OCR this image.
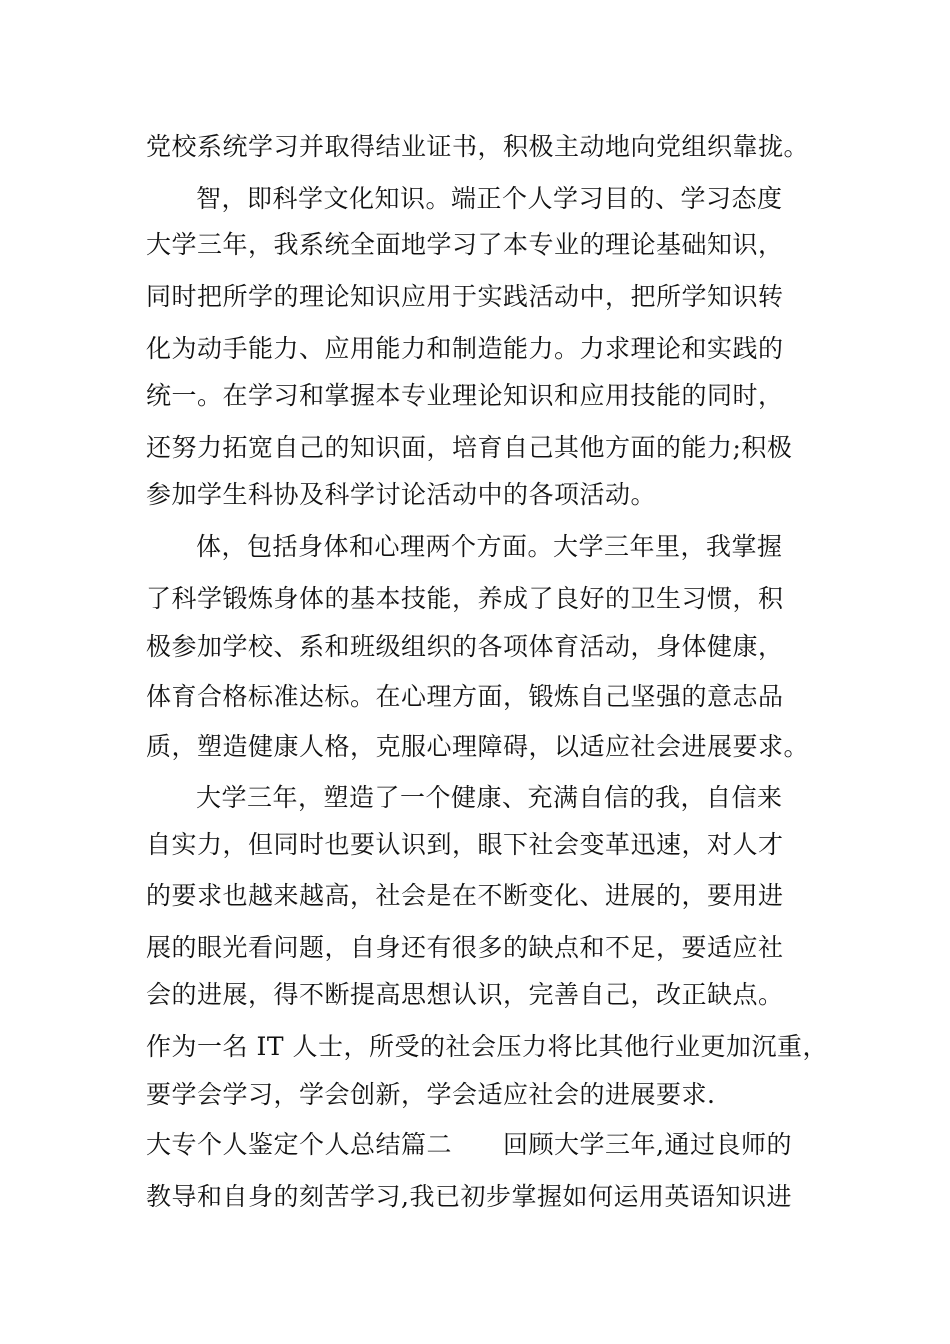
党校系统学习并取得结业证书，积极主动地向党组织靠拢。

智，即科学文化知识。端正个人学习目的、学习态度

大学三年，我系统全面地学习了本专业的理论基础知识，

同时把所学的理论知识应用于实践活动中，把所学知识转

化为动手能力、应用能力和制造能力。力求理论和实践的

统一。在学习和掌握本专业理论知识和应用技能的同时，

还努力拓宽自己的知识面，培育自己其他方面的能力;积极

参加学生科协及科学讨论活动中的各项活动。

体，包括身体和心理两个方面。大学三年里，我掌握

了科学锻炼身体的基本技能，养成了良好的卫生习惯，积

极参加学校、系和班级组织的各项体育活动，身体健康，

体育合格标准达标。在心理方面，锻炼自己坚强的意志品

质，塑造健康人格，克服心理障碍，以适应社会进展要求。

大学三年，塑造了一个健康、充满自信的我，自信来

自实力，但同时也要认识到，眼下社会变革迅速，对人才

的要求也越来越高，社会是在不断变化、进展的，要用进

展的眼光看问题，自身还有很多的缺点和不足，要适应社

会的进展，得不断提高思想认识，完善自己，改正缺点。

作为一名 IT 人士，所受的社会压力将比其他行业更加沉重，

要学会学习，学会创新，学会适应社会的进展要求.

大专个人鉴定个人总结篇二　　回顾大学三年,通过良师的

教导和自身的刻苦学习,我已初步掌握如何运用英语知识进
